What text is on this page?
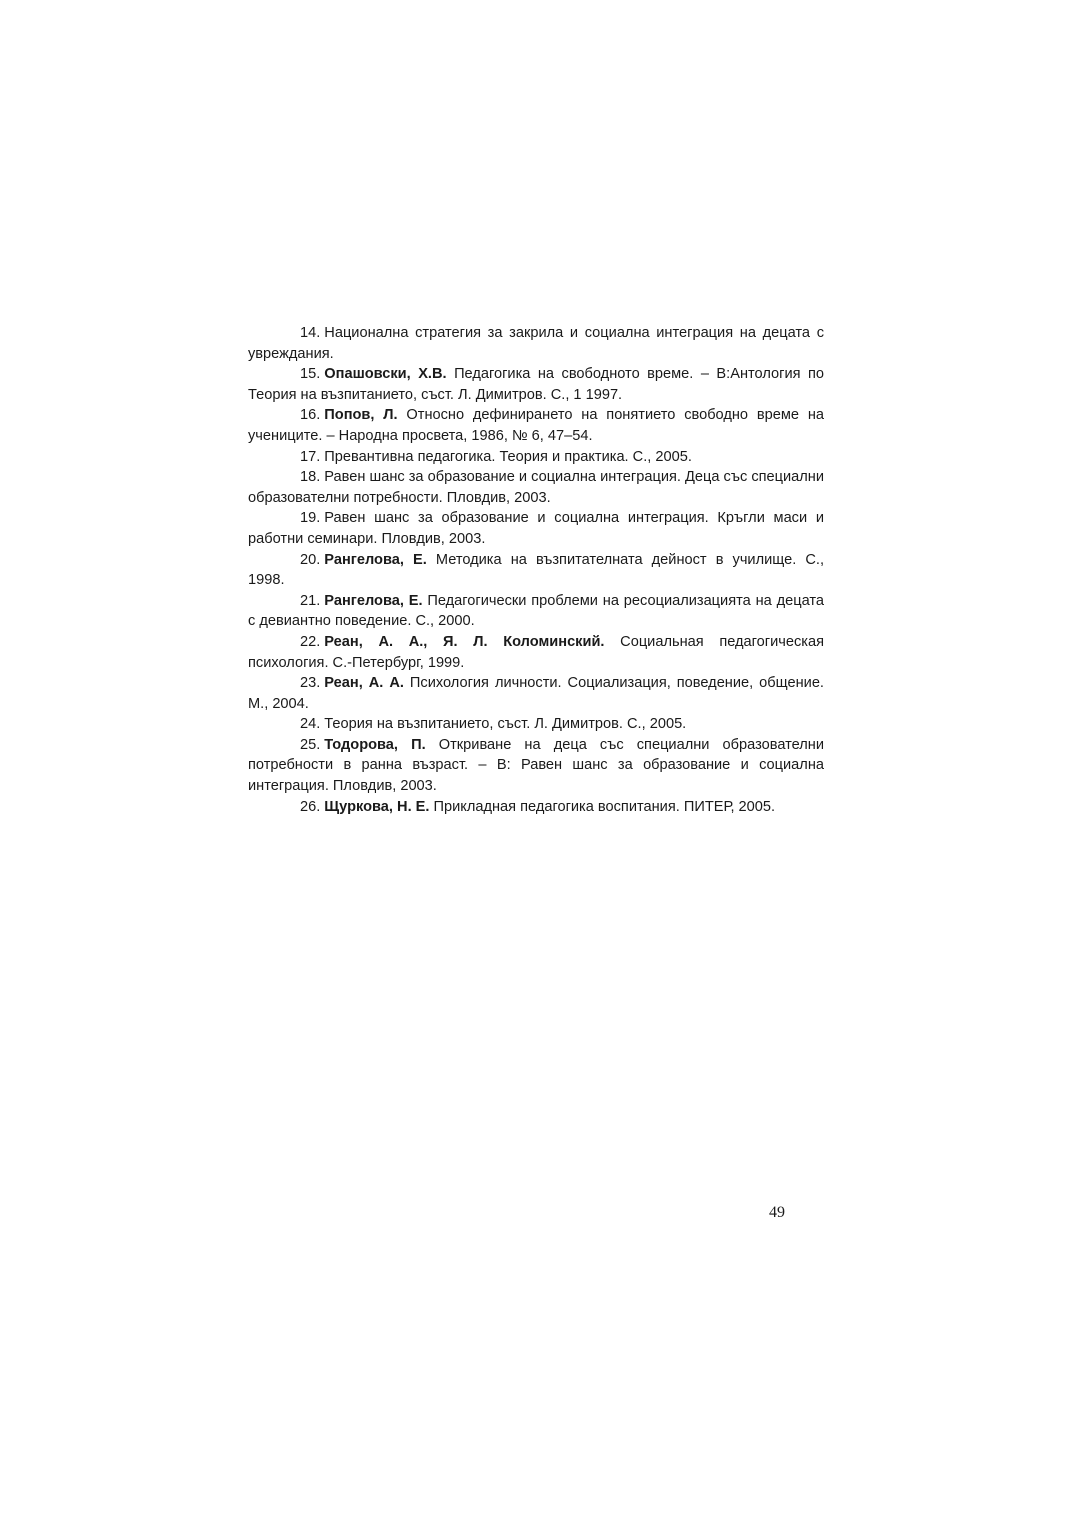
14. Национална стратегия за закрила и социална интеграция на децата с увреждания.

15. Опашовски, Х.В. Педагогика на свободното време. – В:Антология по Теория на възпитанието, съст. Л. Димитров. С., 1 1997.

16. Попов, Л. Относно дефинирането на понятието свободно време на учениците. – Народна просвета, 1986, № 6, 47–54.

17. Превантивна педагогика. Теория и практика. С., 2005.

18. Равен шанс за образование и социална интеграция. Деца със специални образователни потребности. Пловдив, 2003.

19. Равен шанс за образование и социална интеграция. Кръгли маси и работни семинари. Пловдив, 2003.

20. Рангелова, Е. Методика на възпитателната дейност в училище. С., 1998.

21. Рангелова, Е. Педагогически проблеми на ресоциализацията на децата с девиантно поведение. С., 2000.

22. Реан, А. А., Я. Л. Коломинский. Социальная педагогическая психология. С.-Петербург, 1999.

23. Реан, А. А. Психология личности. Социализация, поведение, общение. М., 2004.

24. Теория на възпитанието, съст. Л. Димитров. С., 2005.

25. Тодорова, П. Откриване на деца със специални образователни потребности в ранна възраст. – В: Равен шанс за образование и социална интеграция. Пловдив, 2003.

26. Щуркова, Н. Е. Прикладная педагогика воспитания. ПИТЕР, 2005.

49
